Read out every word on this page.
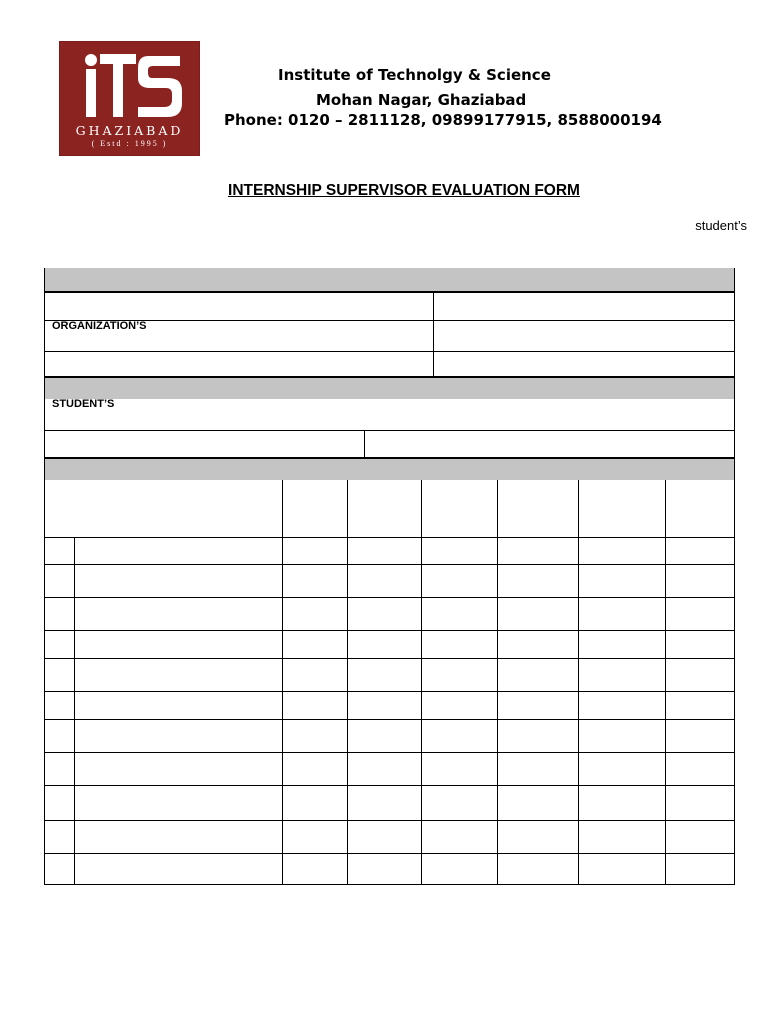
GHAZIABAD
( Estd : 1995 )
Institute of Technolgy & Science
Mohan Nagar, Ghaziabad
Phone: 0120 – 2811128, 09899177915, 8588000194
INTERNSHIP SUPERVISOR EVALUATION FORM
student’s
ORGANIZATION’S
STUDENT’S
